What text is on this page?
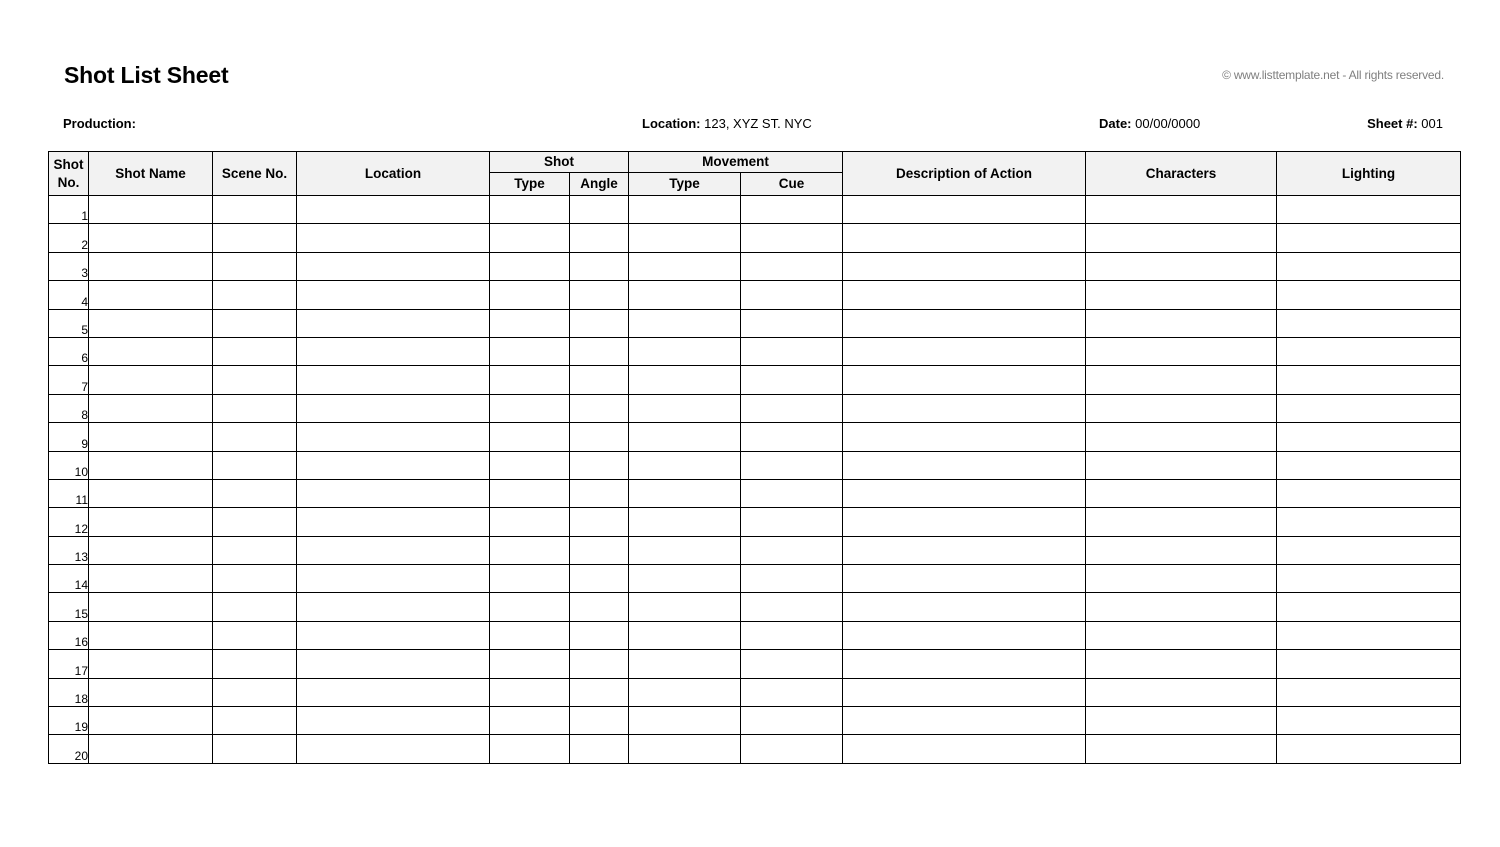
Shot List Sheet	© www.listtemplate.net - All rights reserved.
Production:	Location: 123, XYZ ST. NYC	Date: 00/00/0000	Sheet #: 001
Shot
No.	Shot Name	Scene No.	Location	Shot		Movement		Description of Action	Characters	Lighting
				Type	Angle	Type	Cue			
1										
2										
3										
4										
5										
6										
7										
8										
9										
10										
11										
12										
13										
14										
15										
16										
17										
18										
19										
20										
